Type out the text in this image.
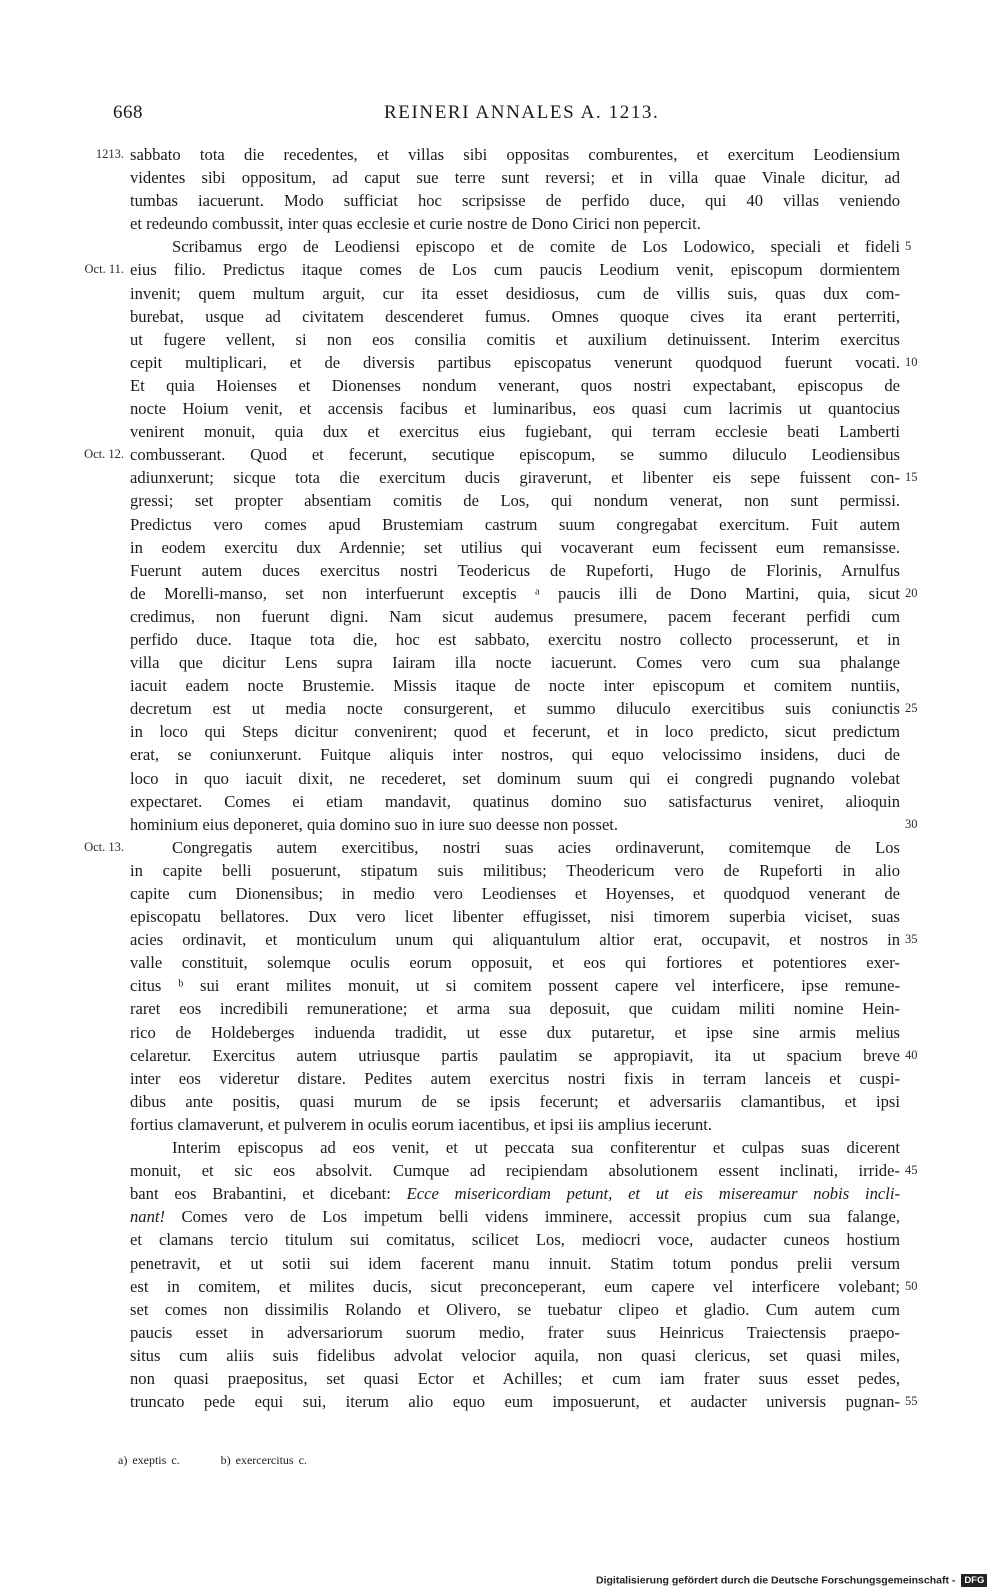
668	REINERI ANNALES A. 1213.
1213. sabbato tota die recedentes, et villas sibi oppositas comburentes, et exercitum Leodiensium
videntes sibi oppositum, ad caput sue terre sunt reversi; et in villa quae Vinale dicitur, ad
tumbas iacuerunt. Modo sufficiat hoc scripsisse de perfido duce, qui 40 villas veniendo
et redeundo combussit, inter quas ecclesie et curie nostre de Dono Cirici non pepercit.
Scribamus ergo de Leodiensi episcopo et de comite de Los Lodowico, speciali et fideli 5
Oct. 11. eius filio. Predictus itaque comes de Los cum paucis Leodium venit, episcopum dormientem
invenit; quem multum arguit, cur ita esset desidiosus, cum de villis suis, quas dux com-
burebat, usque ad civitatem descenderet fumus. Omnes quoque cives ita erant perterriti,
ut fugere vellent, si non eos consilia comitis et auxilium detinuissent. Interim exercitus
cepit multiplicari, et de diversis partibus episcopatus venerunt quodquod fuerunt vocati. 10
Et quia Hoienses et Dionenses nondum venerant, quos nostri expectabant, episcopus de
nocte Hoium venit, et accensis facibus et luminaribus, eos quasi cum lacrimis ut quantocius
venirent monuit, quia dux et exercitus eius fugiebant, qui terram ecclesie beati Lamberti
Oct. 12. combusserant. Quod et fecerunt, secutique episcopum, se summo diluculo Leodiensibus
adiunxerunt; sicque tota die exercitum ducis giraverunt, et libenter eis sepe fuissent con- 15
gressi; set propter absentiam comitis de Los, qui nondum venerat, non sunt permissi.
Predictus vero comes apud Brustemiam castrum suum congregabat exercitum. Fuit autem
in eodem exercitu dux Ardennie; set utilius qui vocaverant eum fecissent eum remansisse.
Fuerunt autem duces exercitus nostri Teodericus de Rupeforti, Hugo de Florinis, Arnulfus
de Morelli-manso, set non interfuerunt exceptis ᵃ paucis illi de Dono Martini, quia, sicut 20
credimus, non fuerunt digni. Nam sicut audemus presumere, pacem fecerant perfidi cum
perfido duce. Itaque tota die, hoc est sabbato, exercitu nostro collecto processerunt, et in
villa que dicitur Lens supra Iairam illa nocte iacuerunt. Comes vero cum sua phalange
iacuit eadem nocte Brustemie. Missis itaque de nocte inter episcopum et comitem nuntiis,
decretum est ut media nocte consurgerent, et summo diluculo exercitibus suis coniunctis 25
in loco qui Steps dicitur convenirent; quod et fecerunt, et in loco predicto, sicut predictum
erat, se coniunxerunt. Fuitque aliquis inter nostros, qui equo velocissimo insidens, duci de
loco in quo iacuit dixit, ne recederet, set dominum suum qui ei congredi pugnando volebat
expectaret. Comes ei etiam mandavit, quatinus domino suo satisfacturus veniret, alioquin
hominium eius deponeret, quia domino suo in iure suo deesse non posset.	30
Oct. 13.	Congregatis autem exercitibus, nostri suas acies ordinaverunt, comitemque de Los
in capite belli posuerunt, stipatum suis militibus; Theodericum vero de Rupeforti in alio
capite cum Dionensibus; in medio vero Leodienses et Hoyenses, et quodquod venerant de
episcopatu bellatores. Dux vero licet libenter effugisset, nisi timorem superbia viciset, suas
acies ordinavit, et monticulum unum qui aliquantulum altior erat, occupavit, et nostros in 35
valle constituit, solemque oculis eorum opposuit, et eos qui fortiores et potentiores exer-
citus ᵇ sui erant milites monuit, ut si comitem possent capere vel interficere, ipse remune-
raret eos incredibili remuneratione; et arma sua deposuit, que cuidam militi nomine Hein-
rico de Holdeberges induenda tradidit, ut esse dux putaretur, et ipse sine armis melius
celaretur. Exercitus autem utriusque partis paulatim se appropiavit, ita ut spacium breve 40
inter eos videretur distare. Pedites autem exercitus nostri fixis in terram lanceis et cuspi-
dibus ante positis, quasi murum de se ipsis fecerunt; et adversariis clamantibus, et ipsi
fortius clamaverunt, et pulverem in oculis eorum iacentibus, et ipsi iis amplius iecerunt.
Interim episcopus ad eos venit, et ut peccata sua confiterentur et culpas suas dicerent
monuit, et sic eos absolvit. Cumque ad recipiendam absolutionem essent inclinati, irride- 45
bant eos Brabantini, et dicebant: Ecce misericordiam petunt, et ut eis misereamur nobis incli-
nant! Comes vero de Los impetum belli videns imminere, accessit propius cum sua falange,
et clamans tercio titulum sui comitatus, scilicet Los, mediocri voce, audacter cuneos hostium
penetravit, et ut sotii sui idem facerent manu innuit. Statim totum pondus prelii versum
est in comitem, et milites ducis, sicut preconceperant, eum capere vel interficere volebant; 50
set comes non dissimilis Rolando et Olivero, se tuebatur clipeo et gladio. Cum autem cum
paucis esset in adversariorum suorum medio, frater suus Heinricus Traiectensis praepo-
situs cum aliis suis fidelibus advolat velocior aquila, non quasi clericus, set quasi miles,
non quasi praepositus, set quasi Ector et Achilles; et cum iam frater suus esset pedes,
truncato pede equi sui, iterum alio equo eum imposuerunt, et audacter universis pugnan- 55
a) exeptis c.	b) exercercitus c.
Digitalisierung gefördert durch die Deutsche Forschungsgemeinschaft - DFG
